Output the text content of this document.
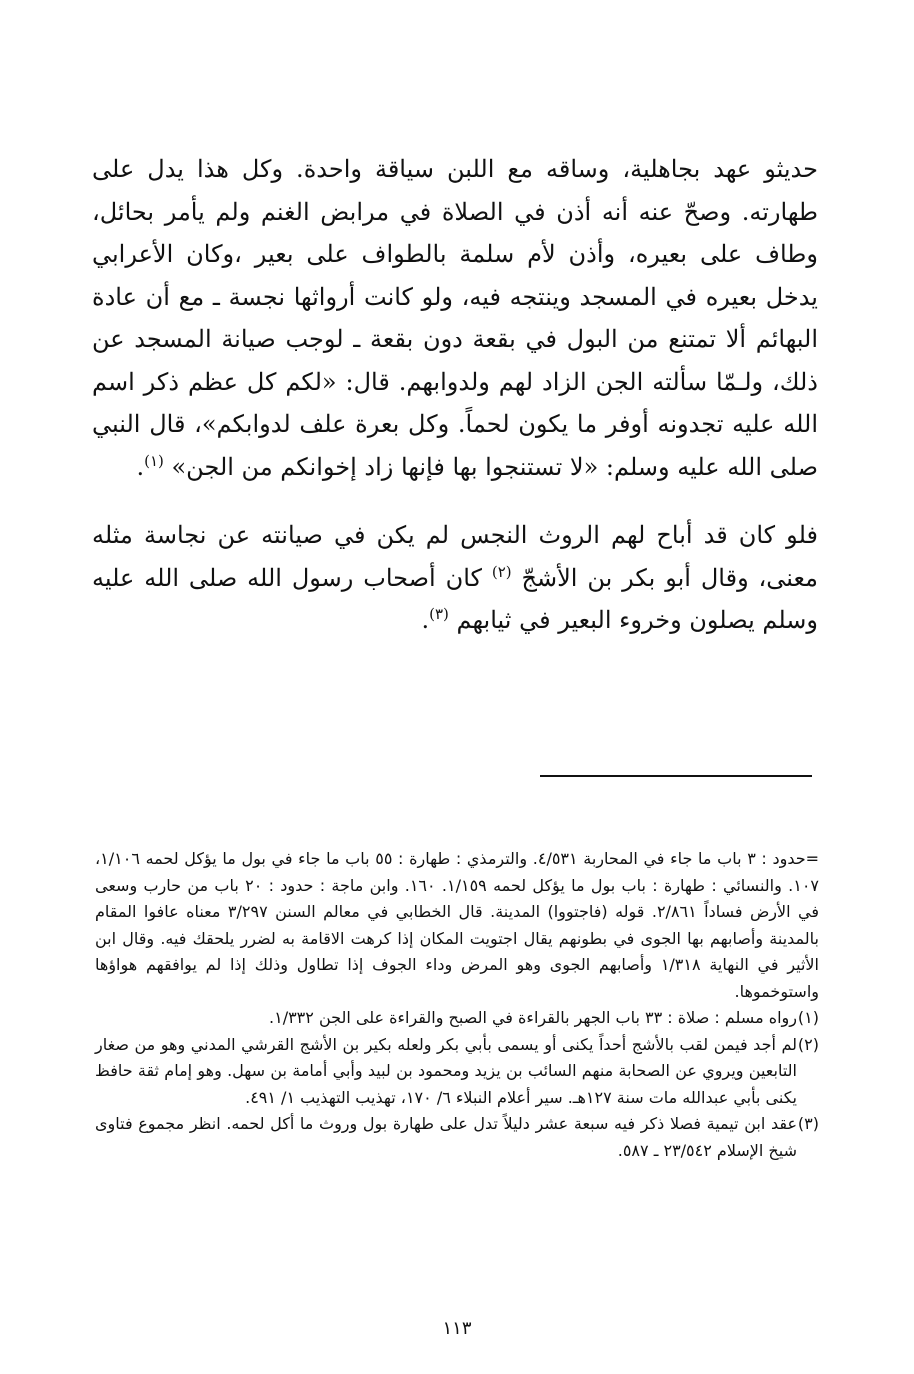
حديثو عهد بجاهلية، وساقه مع اللبن سياقة واحدة. وكل هذا يدل على طهارته. وصحّ عنه أنه أذن في الصلاة في مرابض الغنم ولم يأمر بحائل، وطاف على بعيره، وأذن لأم سلمة بالطواف على بعير ،وكان الأعرابي يدخل بعيره في المسجد وينتجه فيه، ولو كانت أرواثها نجسة ـ مع أن عادة البهائم ألا تمتنع من البول في بقعة دون بقعة ـ لوجب صيانة المسجد عن ذلك، ولـمّا سألته الجن الزاد لهم ولدوابهم. قال: «لكم كل عظم ذكر اسم الله عليه تجدونه أوفر ما يكون لحماً. وكل بعرة علف لدوابكم»، قال النبي صلى الله عليه وسلم: «لا تستنجوا بها فإنها زاد إخوانكم من الجن» $^{(١)}$.

فلو كان قد أباح لهم الروث النجس لم يكن في صيانته عن نجاسة مثله معنى، وقال أبو بكر بن الأشجّ $^{(٢)}$ كان أصحاب رسول الله صلى الله عليه وسلم يصلون وخروء البعير في ثيابهم $^{(٣)}$.

=حدود : ٣ باب ما جاء في المحاربة ٤/٥٣١. والترمذي : طهارة : ٥٥ باب ما جاء في بول ما يؤكل لحمه ١/١٠٦، ١٠٧. والنسائي : طهارة : باب بول ما يؤكل لحمه ١/١٥٩. ١٦٠. وابن ماجة : حدود : ٢٠ باب من حارب وسعى في الأرض فساداً ٢/٨٦١. قوله (فاجتووا) المدينة. قال الخطابي في معالم السنن ٣/٢٩٧ معناه عافوا المقام بالمدينة وأصابهم بها الجوى في بطونهم يقال اجتويت المكان إذا كرهت الاقامة به لضرر يلحقك فيه. وقال ابن الأثير في النهاية ١/٣١٨ وأصابهم الجوى وهو المرض وداء الجوف إذا تطاول وذلك إذا لم يوافقهم هواؤها واستوخموها.

(١)رواه مسلم : صلاة : ٣٣ باب الجهر بالقراءة في الصبح والقراءة على الجن ١/٣٣٢.

(٢)لم أجد فيمن لقب بالأشج أحداً يكنى أو يسمى بأبي بكر ولعله بكير بن الأشج القرشي المدني وهو من صغار التابعين ويروي عن الصحابة منهم السائب بن يزيد ومحمود بن لبيد وأبي أمامة بن سهل. وهو إمام ثقة حافظ يكنى بأبي عبدالله مات سنة ١٢٧هـ. سير أعلام النبلاء ٦/ ١٧٠، تهذيب التهذيب ١/ ٤٩١.

(٣)عقد ابن تيمية فصلا ذكر فيه سبعة عشر دليلاً تدل على طهارة بول وروث ما أكل لحمه. انظر مجموع فتاوى شيخ الإسلام ٢٣/٥٤٢ ـ ٥٨٧.

١١٣
